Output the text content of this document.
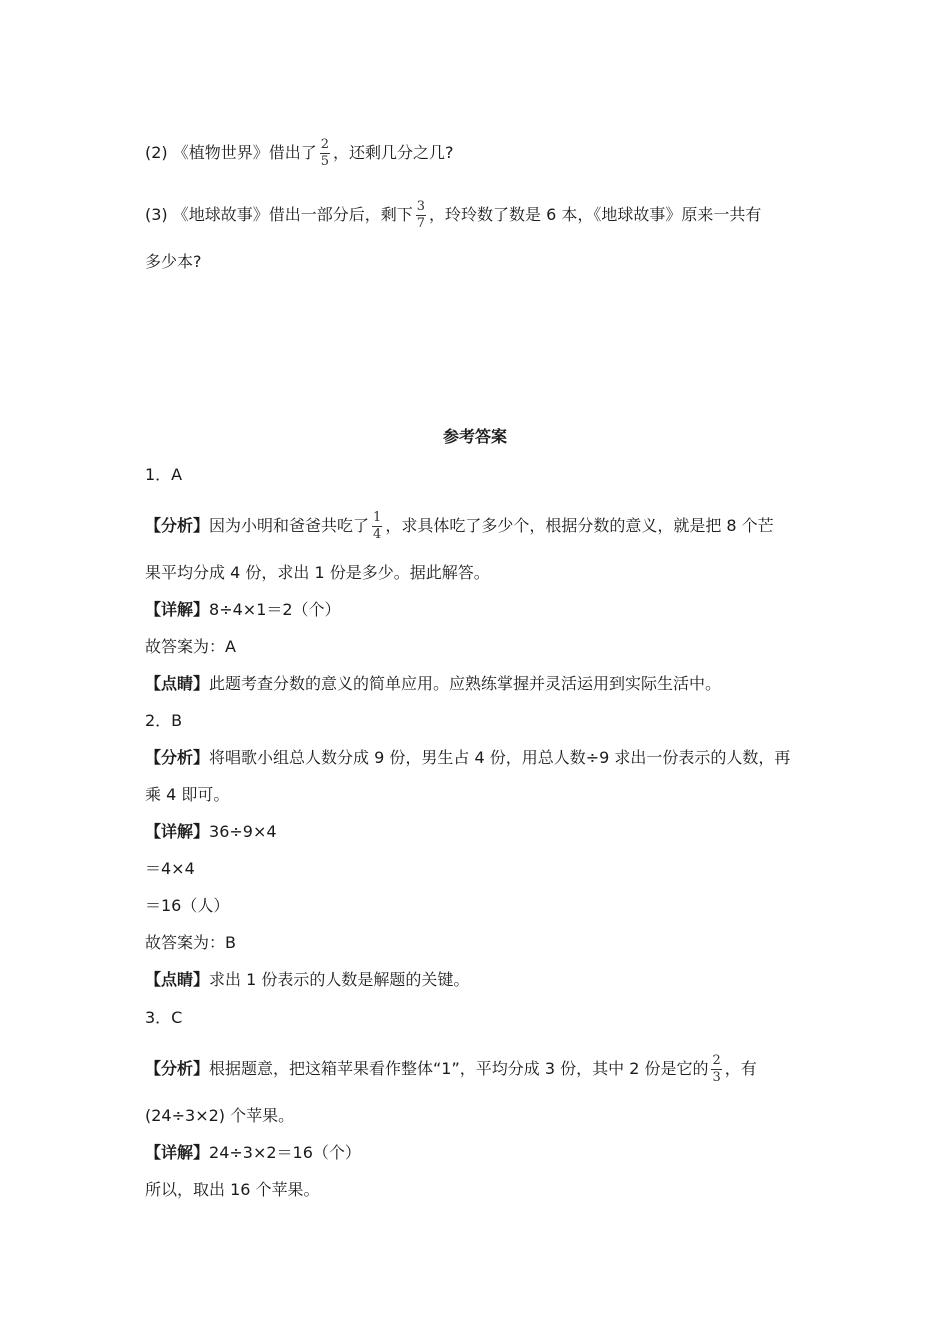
(2) 《植物世界》借出了 $\frac{2}{5}$ ，还剩几分之几?
(3) 《地球故事》借出一部分后，剩下 $\frac{3}{7}$ ，玲玲数了数是 6 本，《地球故事》原来一共有
多少本?
参考答案
1．A
【分析】因为小明和爸爸共吃了 $\frac{1}{4}$ ，求具体吃了多少个，根据分数的意义，就是把 8 个芒
果平均分成 4 份，求出 1 份是多少。据此解答。
【详解】8÷4×1＝2（个）
故答案为：A
【点睛】此题考查分数的意义的简单应用。应熟练掌握并灵活运用到实际生活中。
2．B
【分析】将唱歌小组总人数分成 9 份，男生占 4 份，用总人数÷9 求出一份表示的人数，再
乘 4 即可。
【详解】36÷9×4
＝4×4
＝16（人）
故答案为：B
【点睛】求出 1 份表示的人数是解题的关键。
3．C
【分析】根据题意，把这箱苹果看作整体“1”，平均分成 3 份，其中 2 份是它的 $\frac{2}{3}$ ，有
(24÷3×2) 个苹果。
【详解】24÷3×2＝16（个）
所以，取出 16 个苹果。
